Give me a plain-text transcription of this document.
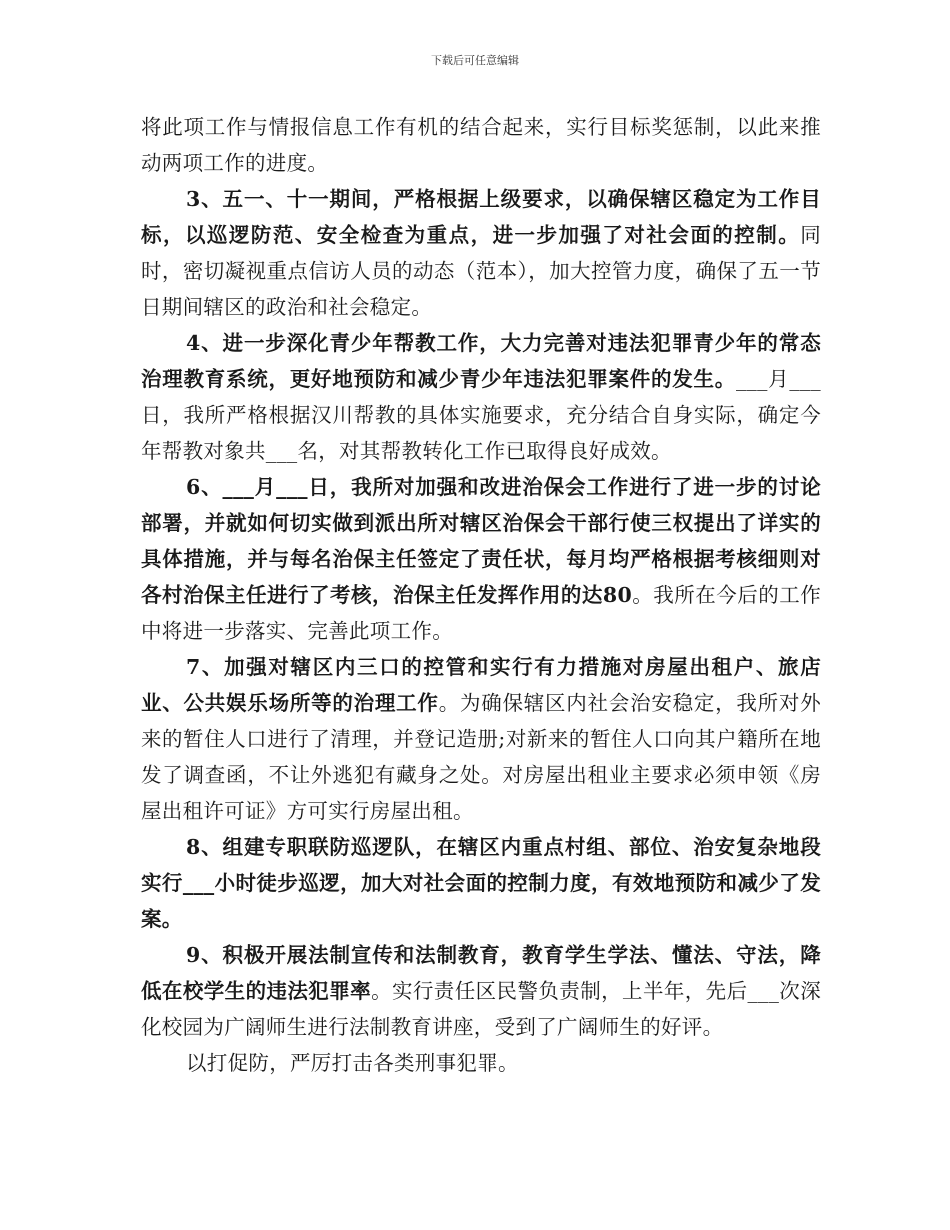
下载后可任意编辑

将此项工作与情报信息工作有机的结合起来，实行目标奖惩制，以此来推动两项工作的进度。

3、五一、十一期间，严格根据上级要求，以确保辖区稳定为工作目标，以巡逻防范、安全检查为重点，进一步加强了对社会面的控制。同时，密切凝视重点信访人员的动态（范本），加大控管力度，确保了五一节日期间辖区的政治和社会稳定。

4、进一步深化青少年帮教工作，大力完善对违法犯罪青少年的常态治理教育系统，更好地预防和减少青少年违法犯罪案件的发生。___月___日，我所严格根据汉川帮教的具体实施要求，充分结合自身实际，确定今年帮教对象共___名，对其帮教转化工作已取得良好成效。

6、___月___日，我所对加强和改进治保会工作进行了进一步的讨论部署，并就如何切实做到派出所对辖区治保会干部行使三权提出了详实的具体措施，并与每名治保主任签定了责任状，每月均严格根据考核细则对各村治保主任进行了考核，治保主任发挥作用的达80。我所在今后的工作中将进一步落实、完善此项工作。

7、加强对辖区内三口的控管和实行有力措施对房屋出租户、旅店业、公共娱乐场所等的治理工作。为确保辖区内社会治安稳定，我所对外来的暂住人口进行了清理，并登记造册;对新来的暂住人口向其户籍所在地发了调查函，不让外逃犯有藏身之处。对房屋出租业主要求必须申领《房屋出租许可证》方可实行房屋出租。

8、组建专职联防巡逻队，在辖区内重点村组、部位、治安复杂地段实行___小时徒步巡逻，加大对社会面的控制力度，有效地预防和减少了发案。

9、积极开展法制宣传和法制教育，教育学生学法、懂法、守法，降低在校学生的违法犯罪率。实行责任区民警负责制，上半年，先后___次深化校园为广阔师生进行法制教育讲座，受到了广阔师生的好评。

以打促防，严厉打击各类刑事犯罪。
